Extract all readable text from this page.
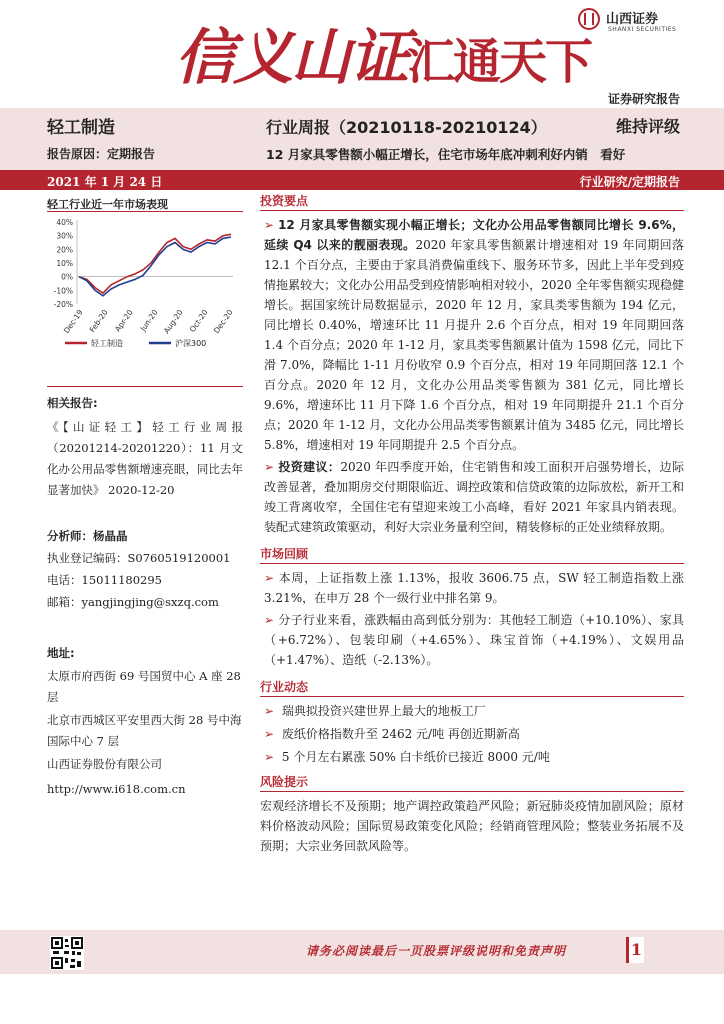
信义山证汇通天下
山西证券
SHANXI SECURITIES
证券研究报告
轻工制造	行业周报（20210118-20210124）	维持评级
报告原因：定期报告	12 月家具零售额小幅正增长，住宅市场年底冲刺利好内销　看好
2021 年 1 月 24 日	行业研究/定期报告
轻工行业近一年市场表现
40%
30%
20%
10%
0%
-10%
-20%
Dec-19 Feb-20 Apr-20 Jun-20 Aug-20 Oct-20 Dec-20
轻工制造	沪深300
相关报告:
《【山证轻工】轻工行业周报（20201214-20201220）：11 月文化办公用品零售额增速亮眼，同比去年显著加快》 2020-12-20
分析师：杨晶晶
执业登记编码：S0760519120001
电话：15011180295
邮箱：yangjingjing@sxzq.com
地址:
太原市府西街 69 号国贸中心 A 座 28 层
北京市西城区平安里西大街 28 号中海国际中心 7 层
山西证券股份有限公司
http://www.i618.com.cn
投资要点
➢ 12 月家具零售额实现小幅正增长；文化办公用品零售额同比增长 9.6%，延续 Q4 以来的靓丽表现。2020 年家具零售额累计增速相对 19 年同期回落 12.1 个百分点，主要由于家具消费偏重线下、服务环节多，因此上半年受到疫情拖累较大；文化办公用品受到疫情影响相对较小，2020 全年零售额实现稳健增长。据国家统计局数据显示，2020 年 12 月，家具类零售额为 194 亿元，同比增长 0.40%，增速环比 11 月提升 2.6 个百分点，相对 19 年同期回落 1.4 个百分点；2020 年 1-12 月，家具类零售额累计值为 1598 亿元，同比下滑 7.0%，降幅比 1-11 月份收窄 0.9 个百分点，相对 19 年同期回落 12.1 个百分点。2020 年 12 月，文化办公用品类零售额为 381 亿元，同比增长 9.6%，增速环比 11 月下降 1.6 个百分点，相对 19 年同期提升 21.1 个百分点；2020 年 1-12 月，文化办公用品类零售额累计值为 3485 亿元，同比增长 5.8%，增速相对 19 年同期提升 2.5 个百分点。
➢ 投资建议：2020 年四季度开始，住宅销售和竣工面积开启强势增长，边际改善显著，叠加期房交付期限临近、调控政策和信贷政策的边际放松，新开工和竣工背离收窄，全国住宅有望迎来竣工小高峰，看好 2021 年家具内销表现。装配式建筑政策驱动，利好大宗业务量利空间，精装修标的正处业绩释放期。
市场回顾
➢ 本周，上证指数上涨 1.13%，报收 3606.75 点，SW 轻工制造指数上涨 3.21%，在申万 28 个一级行业中排名第 9。
➢ 分子行业来看，涨跌幅由高到低分别为：其他轻工制造（+10.10%）、家具（+6.72%）、包装印刷（+4.65%）、珠宝首饰（+4.19%）、文娱用品（+1.47%）、造纸（-2.13%）。
行业动态
➢ 瑞典拟投资兴建世界上最大的地板工厂
➢ 废纸价格指数升至 2462 元/吨 再创近期新高
➢ 5 个月左右累涨 50% 白卡纸价已接近 8000 元/吨
风险提示
宏观经济增长不及预期；地产调控政策趋严风险；新冠肺炎疫情加剧风险；原材料价格波动风险；国际贸易政策变化风险；经销商管理风险；整装业务拓展不及预期；大宗业务回款风险等。
请务必阅读最后一页股票评级说明和免责声明	1
